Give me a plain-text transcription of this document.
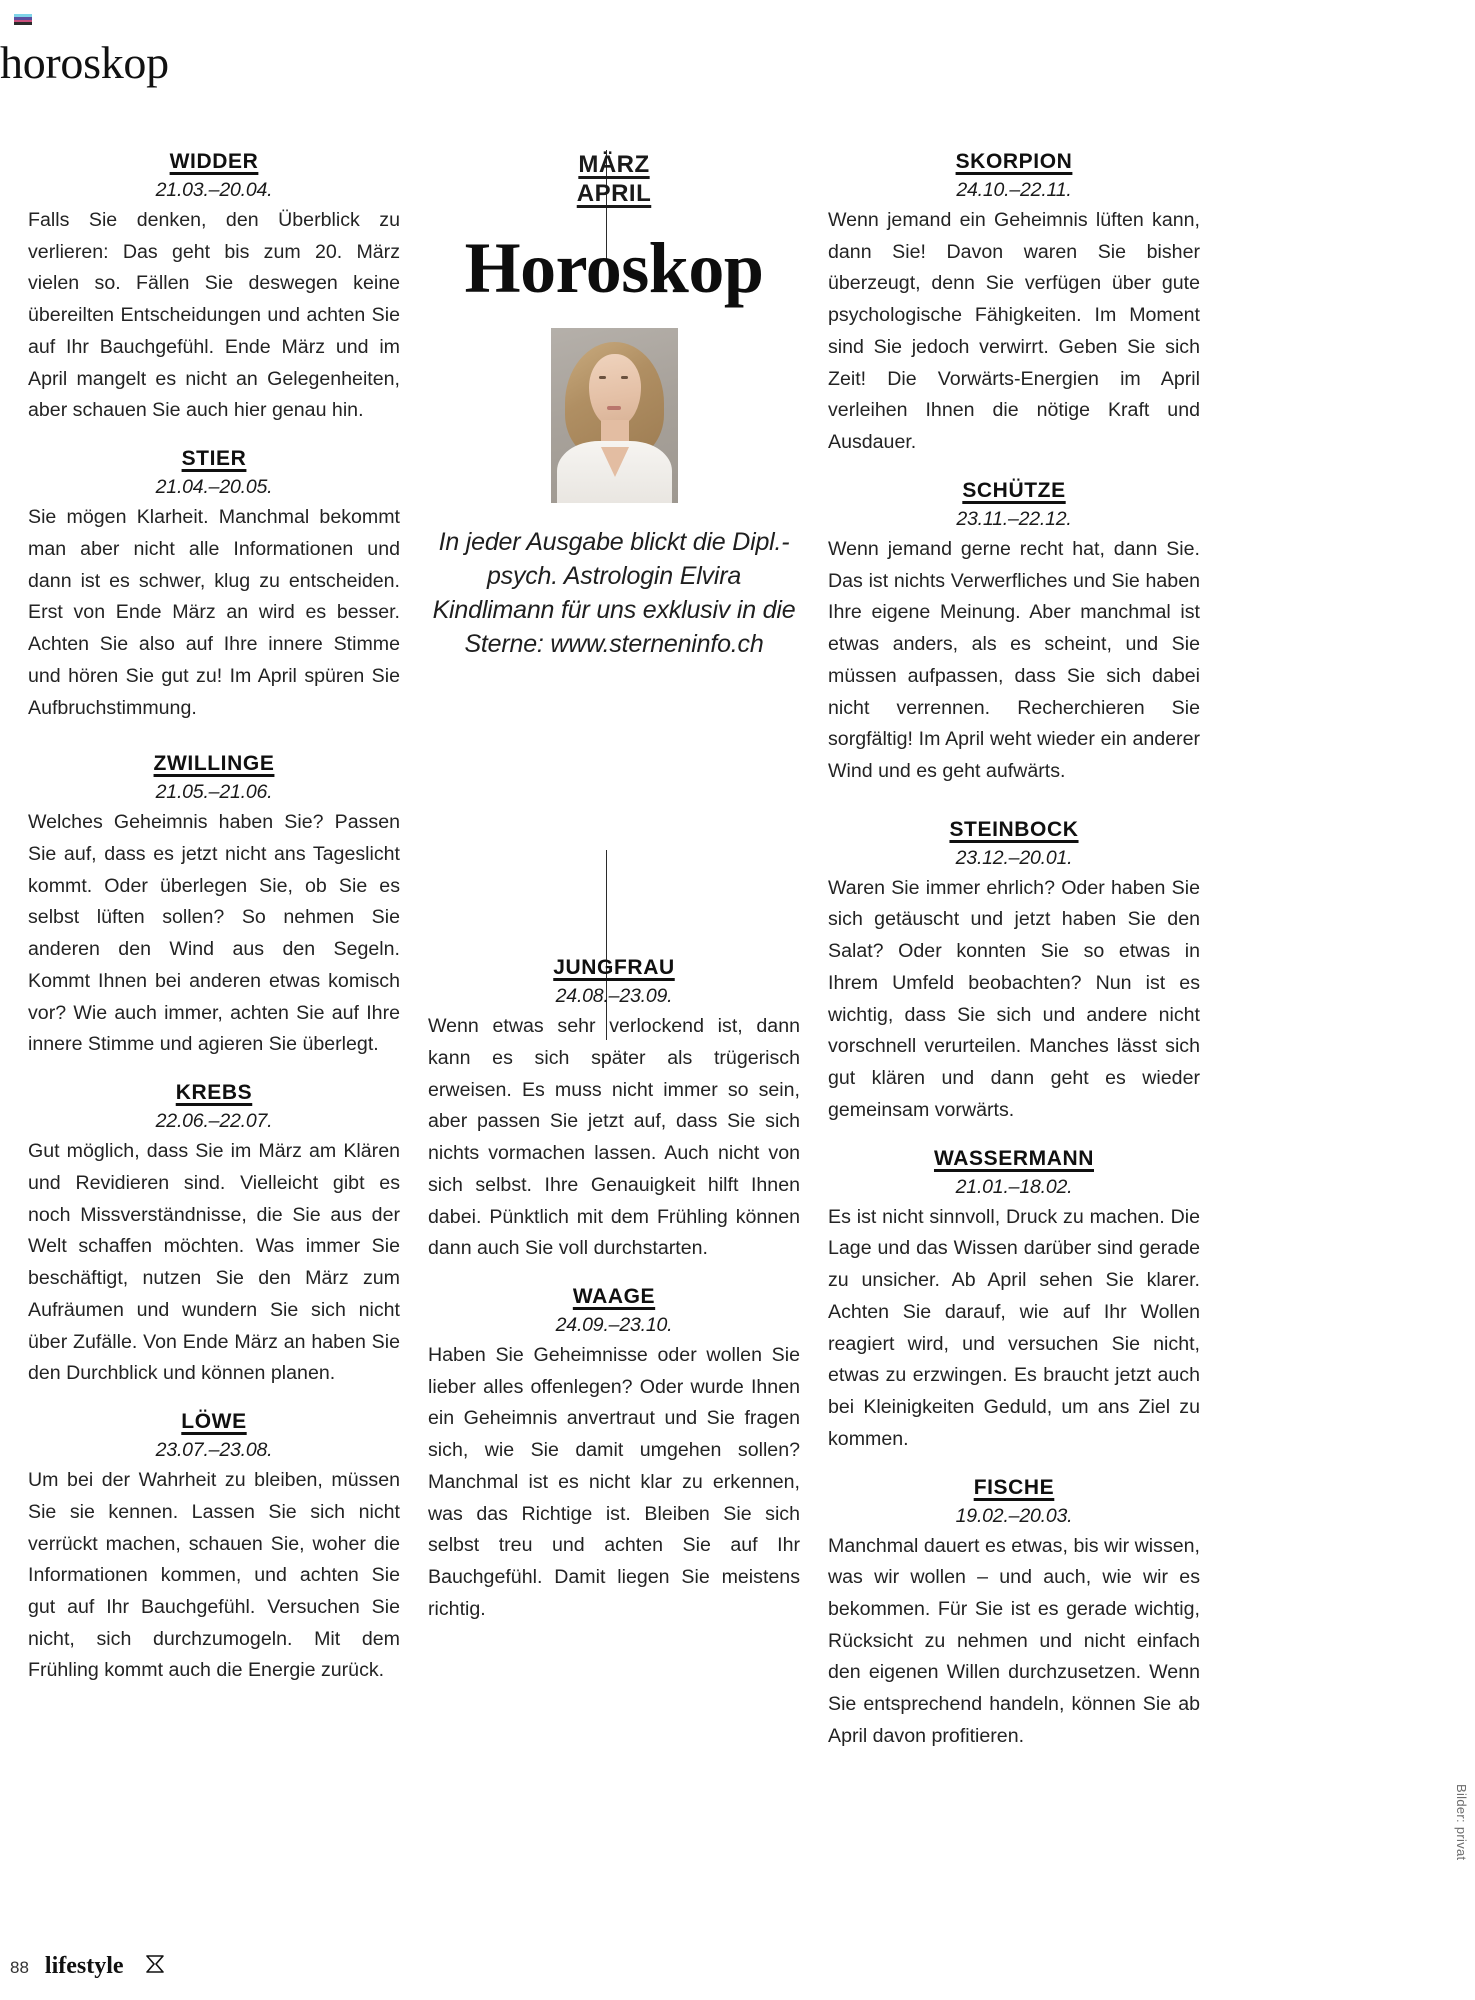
horoskop
WIDDER
21.03.–20.04.
Falls Sie denken, den Überblick zu verlieren: Das geht bis zum 20. März vielen so. Fällen Sie deswegen keine übereilten Entscheidungen und achten Sie auf Ihr Bauchgefühl. Ende März und im April mangelt es nicht an Gelegenheiten, aber schauen Sie auch hier genau hin.
STIER
21.04.–20.05.
Sie mögen Klarheit. Manchmal bekommt man aber nicht alle Informationen und dann ist es schwer, klug zu entscheiden. Erst von Ende März an wird es besser. Achten Sie also auf Ihre innere Stimme und hören Sie gut zu! Im April spüren Sie Aufbruchstimmung.
ZWILLINGE
21.05.–21.06.
Welches Geheimnis haben Sie? Passen Sie auf, dass es jetzt nicht ans Tageslicht kommt. Oder überlegen Sie, ob Sie es selbst lüften sollen? So nehmen Sie anderen den Wind aus den Segeln. Kommt Ihnen bei anderen etwas komisch vor? Wie auch immer, achten Sie auf Ihre innere Stimme und agieren Sie überlegt.
KREBS
22.06.–22.07.
Gut möglich, dass Sie im März am Klären und Revidieren sind. Vielleicht gibt es noch Missverständnisse, die Sie aus der Welt schaffen möchten. Was immer Sie beschäftigt, nutzen Sie den März zum Aufräumen und wundern Sie sich nicht über Zufälle. Von Ende März an haben Sie den Durchblick und können planen.
LÖWE
23.07.–23.08.
Um bei der Wahrheit zu bleiben, müssen Sie sie kennen. Lassen Sie sich nicht verrückt machen, schauen Sie, woher die Informationen kommen, und achten Sie gut auf Ihr Bauchgefühl. Versuchen Sie nicht, sich durchzumogeln. Mit dem Frühling kommt auch die Energie zurück.
MÄRZ
APRIL
Horoskop
In jeder Ausgabe blickt die Dipl.-psych. Astrologin Elvira Kindlimann für uns exklusiv in die Sterne: www.sterneninfo.ch
JUNGFRAU
24.08.–23.09.
Wenn etwas sehr verlockend ist, dann kann es sich später als trügerisch erweisen. Es muss nicht immer so sein, aber passen Sie jetzt auf, dass Sie sich nichts vormachen lassen. Auch nicht von sich selbst. Ihre Genauigkeit hilft Ihnen dabei. Pünktlich mit dem Frühling können dann auch Sie voll durchstarten.
WAAGE
24.09.–23.10.
Haben Sie Geheimnisse oder wollen Sie lieber alles offenlegen? Oder wurde Ihnen ein Geheimnis anvertraut und Sie fragen sich, wie Sie damit umgehen sollen? Manchmal ist es nicht klar zu erkennen, was das Richtige ist. Bleiben Sie sich selbst treu und achten Sie auf Ihr Bauchgefühl. Damit liegen Sie meistens richtig.
SKORPION
24.10.–22.11.
Wenn jemand ein Geheimnis lüften kann, dann Sie! Davon waren Sie bisher überzeugt, denn Sie verfügen über gute psychologische Fähigkeiten. Im Moment sind Sie jedoch verwirrt. Geben Sie sich Zeit! Die Vorwärts-Energien im April verleihen Ihnen die nötige Kraft und Ausdauer.
SCHÜTZE
23.11.–22.12.
Wenn jemand gerne recht hat, dann Sie. Das ist nichts Verwerfliches und Sie haben Ihre eigene Meinung. Aber manchmal ist etwas anders, als es scheint, und Sie müssen aufpassen, dass Sie sich dabei nicht verrennen. Recherchieren Sie sorgfältig! Im April weht wieder ein anderer Wind und es geht aufwärts.
STEINBOCK
23.12.–20.01.
Waren Sie immer ehrlich? Oder haben Sie sich getäuscht und jetzt haben Sie den Salat? Oder konnten Sie so etwas in Ihrem Umfeld beobachten? Nun ist es wichtig, dass Sie sich und andere nicht vorschnell verurteilen. Manches lässt sich gut klären und dann geht es wieder gemeinsam vorwärts.
WASSERMANN
21.01.–18.02.
Es ist nicht sinnvoll, Druck zu machen. Die Lage und das Wissen darüber sind gerade zu unsicher. Ab April sehen Sie klarer. Achten Sie darauf, wie auf Ihr Wollen reagiert wird, und versuchen Sie nicht, etwas zu erzwingen. Es braucht jetzt auch bei Kleinigkeiten Geduld, um ans Ziel zu kommen.
FISCHE
19.02.–20.03.
Manchmal dauert es etwas, bis wir wissen, was wir wollen – und auch, wie wir es bekommen. Für Sie ist es gerade wichtig, Rücksicht zu nehmen und nicht einfach den eigenen Willen durchzusetzen. Wenn Sie entsprechend handeln, können Sie ab April davon profitieren.
Bilder: privat
88 lifestyle
